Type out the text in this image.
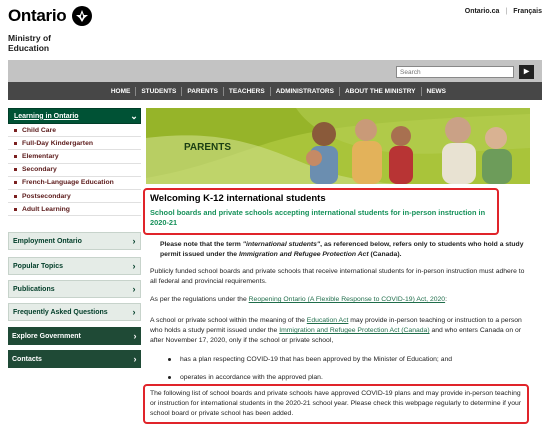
Ontario	Ontario.ca | Français
Ministry of
Education
Search
▸
HOME	STUDENTS	PARENTS	TEACHERS	ADMINISTRATORS	ABOUT THE MINISTRY	NEWS
Learning in Ontario	⌄
Child Care
Full-Day Kindergarten
Elementary
Secondary
French-Language Education
Postsecondary
Adult Learning
Employment Ontario	›
Popular Topics	›
Publications	›
Frequently Asked Questions	›
Explore Government	›
Contacts	›
PARENTS
Welcoming K-12 international students
School boards and private schools accepting international students for in-person instruction in 2020-21
Please note that the term "international students", as referenced below, refers only to students who hold a study permit issued under the Immigration and Refugee Protection Act (Canada).
Publicly funded school boards and private schools that receive international students for in-person instruction must adhere to all federal and provincial requirements.
As per the regulations under the Reopening Ontario (A Flexible Response to COVID-19) Act, 2020:
A school or private school within the meaning of the Education Act may provide in-person teaching or instruction to a person who holds a study permit issued under the Immigration and Refugee Protection Act (Canada) and who enters Canada on or after November 17, 2020, only if the school or private school,
has a plan respecting COVID-19 that has been approved by the Minister of Education; and
operates in accordance with the approved plan.
The following list of school boards and private schools have approved COVID-19 plans and may provide in-person teaching or instruction for international students in the 2020-21 school year. Please check this webpage regularly to determine if your school board or private school has been added.
